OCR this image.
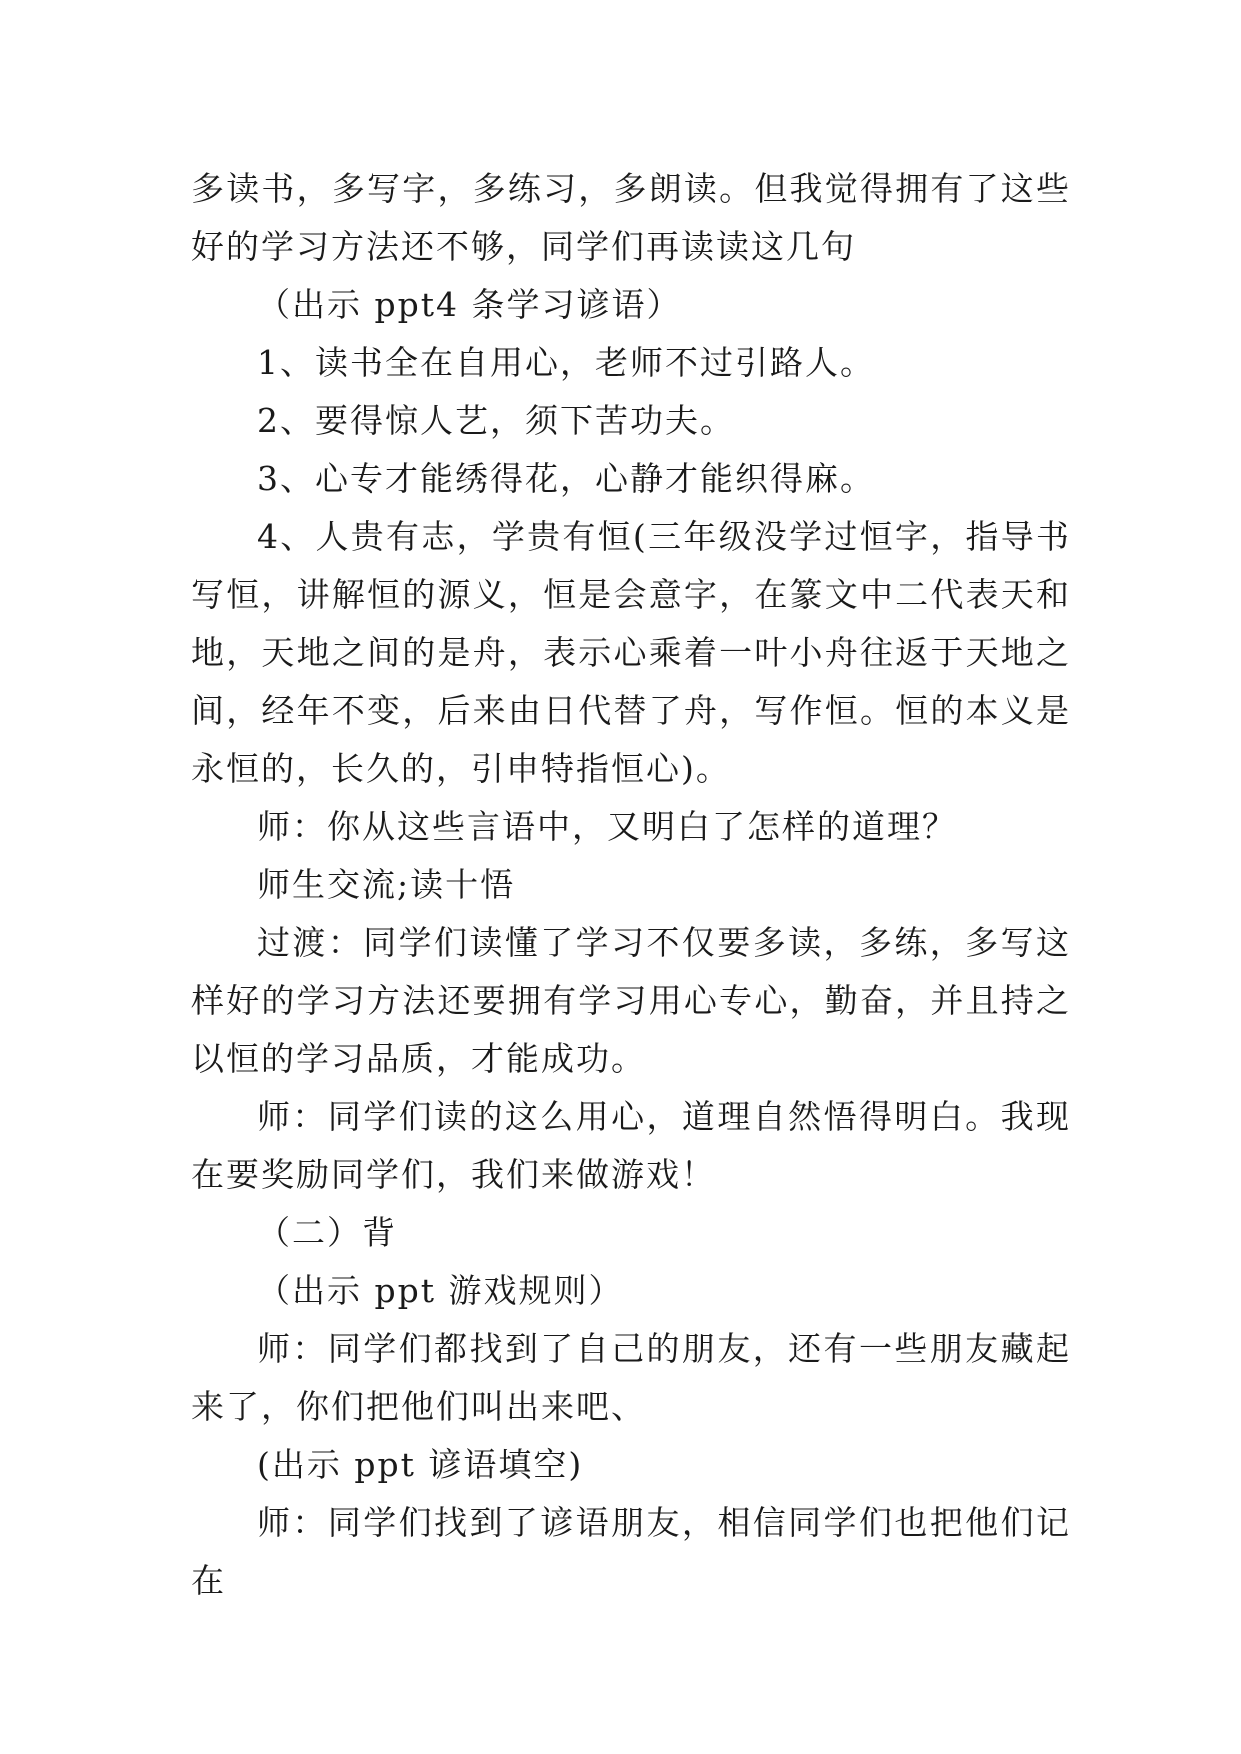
多读书，多写字，多练习，多朗读。但我觉得拥有了这些好的学习方法还不够，同学们再读读这几句

（出示 ppt4 条学习谚语）

1、读书全在自用心，老师不过引路人。

2、要得惊人艺，须下苦功夫。

3、心专才能绣得花，心静才能织得麻。

4、人贵有志，学贵有恒(三年级没学过恒字，指导书写恒，讲解恒的源义，恒是会意字，在篆文中二代表天和地，天地之间的是舟，表示心乘着一叶小舟往返于天地之间，经年不变，后来由日代替了舟，写作恒。恒的本义是永恒的，长久的，引申特指恒心)。

师：你从这些言语中，又明白了怎样的道理？

师生交流;读十悟

过渡：同学们读懂了学习不仅要多读，多练，多写这样好的学习方法还要拥有学习用心专心，勤奋，并且持之以恒的学习品质，才能成功。

师：同学们读的这么用心，道理自然悟得明白。我现在要奖励同学们，我们来做游戏！

（二）背

（出示 ppt 游戏规则）

师：同学们都找到了自己的朋友，还有一些朋友藏起来了，你们把他们叫出来吧、

(出示 ppt 谚语填空)

师：同学们找到了谚语朋友，相信同学们也把他们记在
